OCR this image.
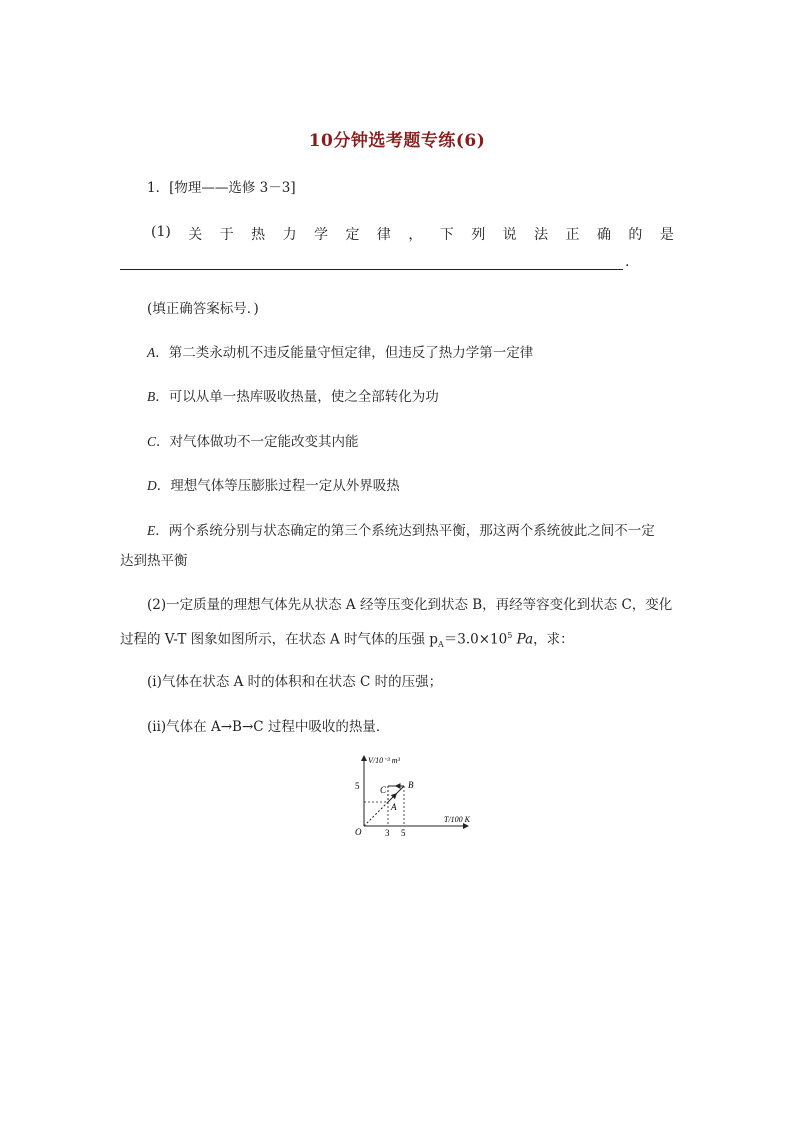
10分钟选考题专练(6)
1．[物理——选修 3－3]
(1) 关 于 热 力 学 定 律 ， 下 列 说 法 正 确 的 是
.
(填正确答案标号．)
A．第二类永动机不违反能量守恒定律，但违反了热力学第一定律
B．可以从单一热库吸收热量，使之全部转化为功
C．对气体做功不一定能改变其内能
D．理想气体等压膨胀过程一定从外界吸热
E．两个系统分别与状态确定的第三个系统达到热平衡，那这两个系统彼此之间不一定
达到热平衡
(2)一定质量的理想气体先从状态 A 经等压变化到状态 B，再经等容变化到状态 C，变化
过程的 V-T 图象如图所示，在状态 A 时气体的压强 $p_A=3.0\times 10^5$ Pa，求：
(ⅰ)气体在状态 A 时的体积和在状态 C 时的压强；
(ⅱ)气体在 A→B→C 过程中吸收的热量．
V/10⁻³ m³
T/100 K
O	3 5
5
A
B
C
